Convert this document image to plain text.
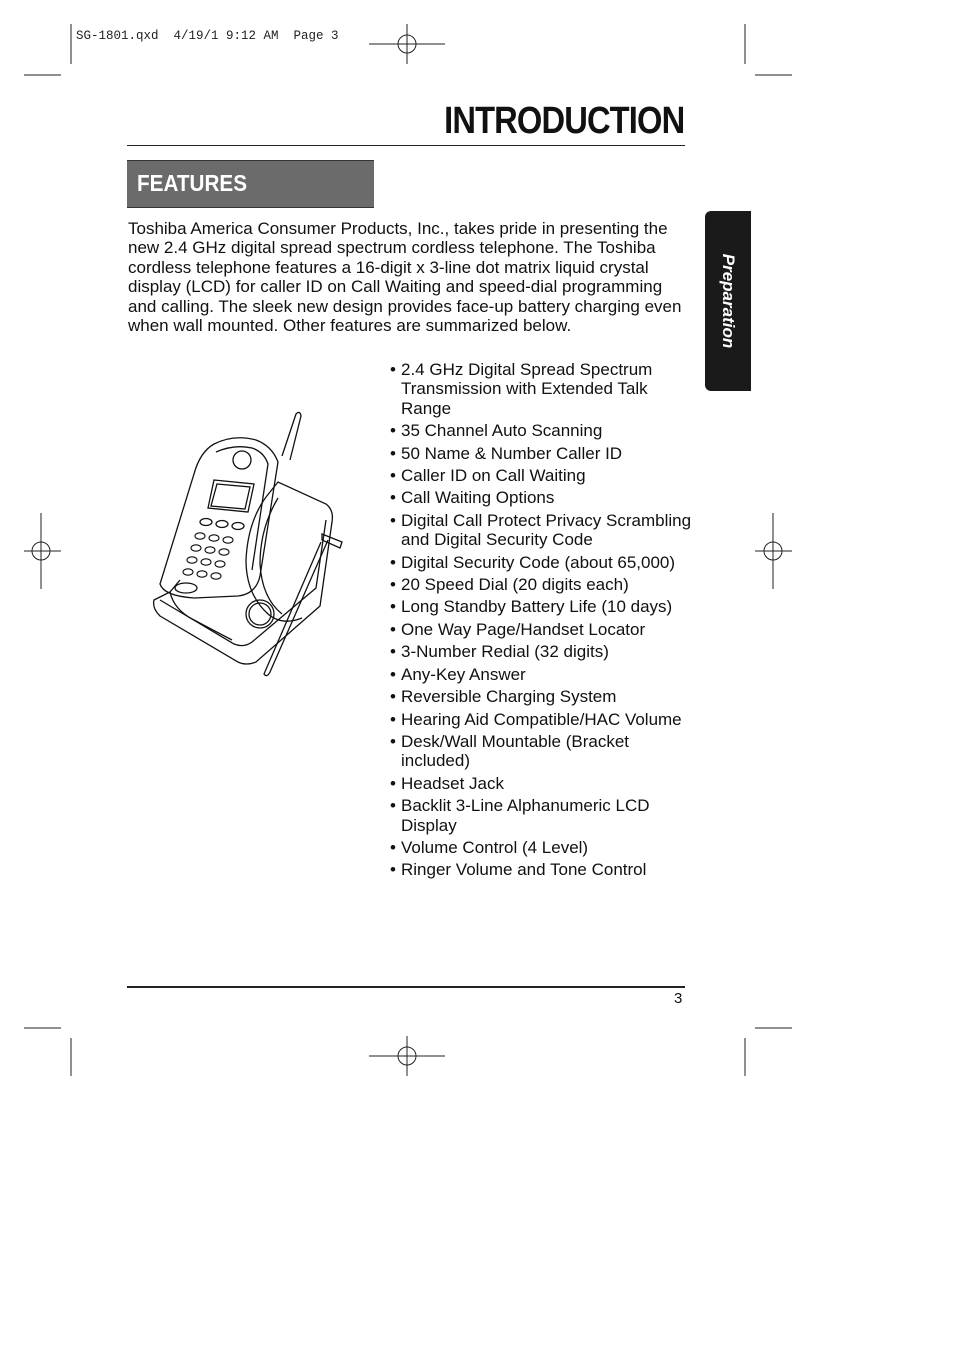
SG-1801.qxd  4/19/1 9:12 AM  Page 3
INTRODUCTION
FEATURES
Preparation

Toshiba America Consumer Products, Inc., takes pride in presenting the new 2.4 GHz digital spread spectrum cordless telephone. The Toshiba cordless telephone features a 16-digit x 3-line dot matrix liquid crystal display (LCD) for caller ID on Call Waiting and speed-dial programming and calling. The sleek new design provides face-up battery charging even when wall mounted. Other features are summarized below.

• 2.4 GHz Digital Spread Spectrum Transmission with Extended Talk Range
• 35 Channel Auto Scanning
• 50 Name & Number Caller ID
• Caller ID on Call Waiting
• Call Waiting Options
• Digital Call Protect Privacy Scrambling and Digital Security Code
• Digital Security Code (about 65,000)
• 20 Speed Dial (20 digits each)
• Long Standby Battery Life (10 days)
• One Way Page/Handset Locator
• 3-Number Redial (32 digits)
• Any-Key Answer
• Reversible Charging System
• Hearing Aid Compatible/HAC Volume
• Desk/Wall Mountable (Bracket included)
• Headset Jack
• Backlit 3-Line Alphanumeric LCD Display
• Volume Control (4 Level)
• Ringer Volume and Tone Control
3
